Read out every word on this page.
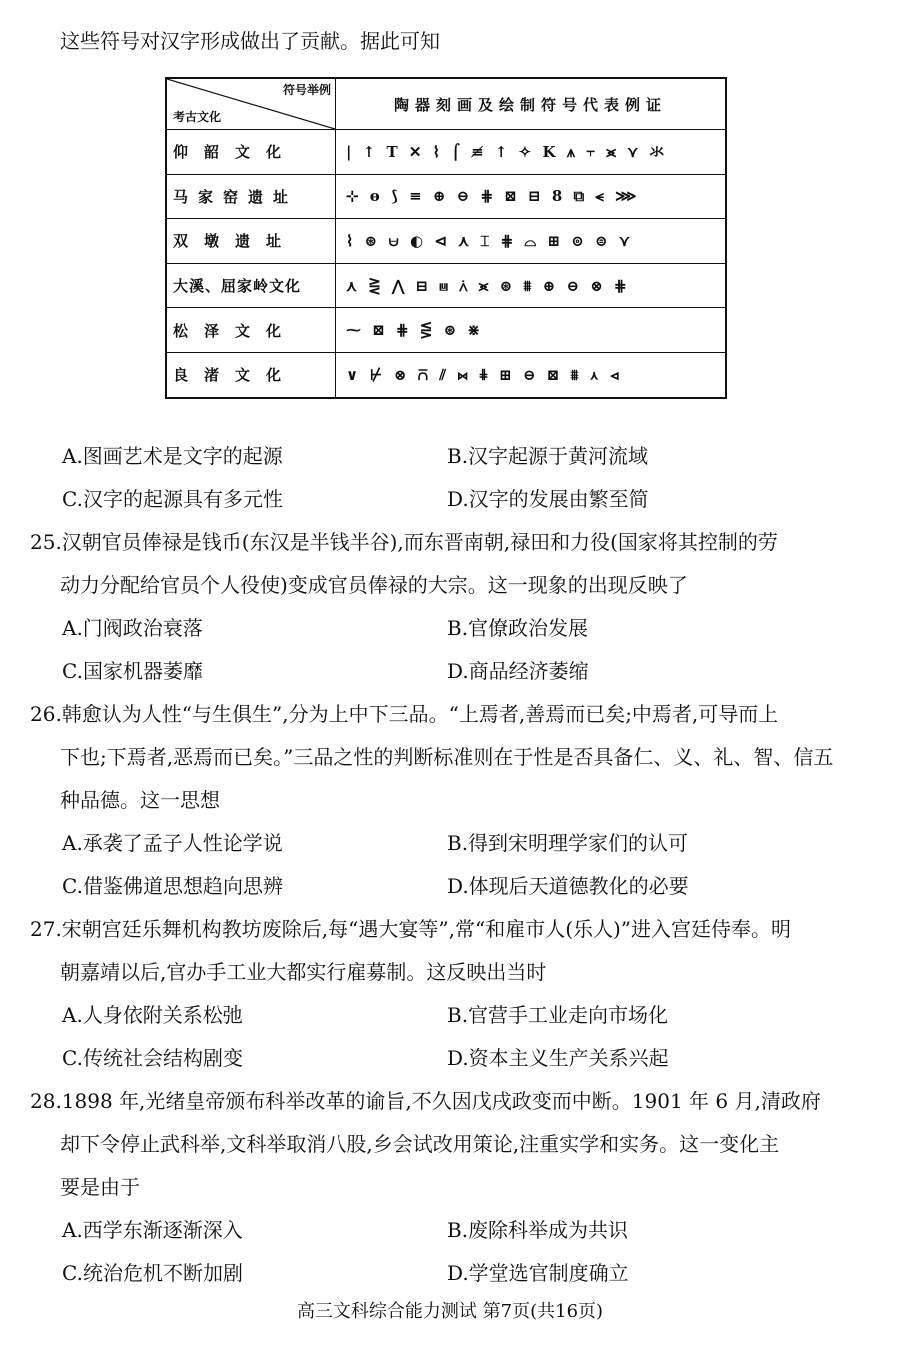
这些符号对汉字形成做出了贡献。据此可知
符号举例
考古文化	陶器刻画及绘制符号代表例证
仰韶文化	| ↑ T ✕ ⌇ ⌠ ≢ ↑ ✧ K ⩚ ⫟ ⪤ ⋎ 氺
马家窑遗址	⊹ ɵ ⟆ ≡ ⊕ ⊖ ⋕ ⊠ ⊟ 8 ⧉ ⪪ ⋙
双墩遗址	⌇ ⊛ ⩁ ◐ ⊲ ⋏ ⌶ ⋕ ⌓ ⊞ ⊚ ⊜ ⋎
大溪、屈家岭文化	⋏ ⋛ ⋀ ⊟ ⩏ ⩑ ⪤ ⊛ ⩩ ⊕ ⊖ ⊗ ⋕
松泽文化	⁓ ⊠ ⋕ ⋚ ⊛ ⋇
良渚文化	∨ ⊬ ⊗ ⩃ ⫽ ⋈ ⋕ ⊞ ⊖ ⊠ ⩩ ⋏ ⊲
A.图画艺术是文字的起源	B.汉字起源于黄河流域
C.汉字的起源具有多元性	D.汉字的发展由繁至简
25.汉朝官员俸禄是钱币(东汉是半钱半谷),而东晋南朝,禄田和力役(国家将其控制的劳
动力分配给官员个人役使)变成官员俸禄的大宗。这一现象的出现反映了
A.门阀政治衰落	B.官僚政治发展
C.国家机器萎靡	D.商品经济萎缩
26.韩愈认为人性“与生俱生”,分为上中下三品。“上焉者,善焉而已矣;中焉者,可导而上
下也;下焉者,恶焉而已矣。”三品之性的判断标准则在于性是否具备仁、义、礼、智、信五
种品德。这一思想
A.承袭了孟子人性论学说	B.得到宋明理学家们的认可
C.借鉴佛道思想趋向思辨	D.体现后天道德教化的必要
27.宋朝宫廷乐舞机构教坊废除后,每“遇大宴等”,常“和雇市人(乐人)”进入宫廷侍奉。明
朝嘉靖以后,官办手工业大都实行雇募制。这反映出当时
A.人身依附关系松弛	B.官营手工业走向市场化
C.传统社会结构剧变	D.资本主义生产关系兴起
28.1898 年,光绪皇帝颁布科举改革的谕旨,不久因戊戌政变而中断。1901 年 6 月,清政府
却下令停止武科举,文科举取消八股,乡会试改用策论,注重实学和实务。这一变化主
要是由于
A.西学东渐逐渐深入	B.废除科举成为共识
C.统治危机不断加剧	D.学堂选官制度确立
高三文科综合能力测试 第7页(共16页)
